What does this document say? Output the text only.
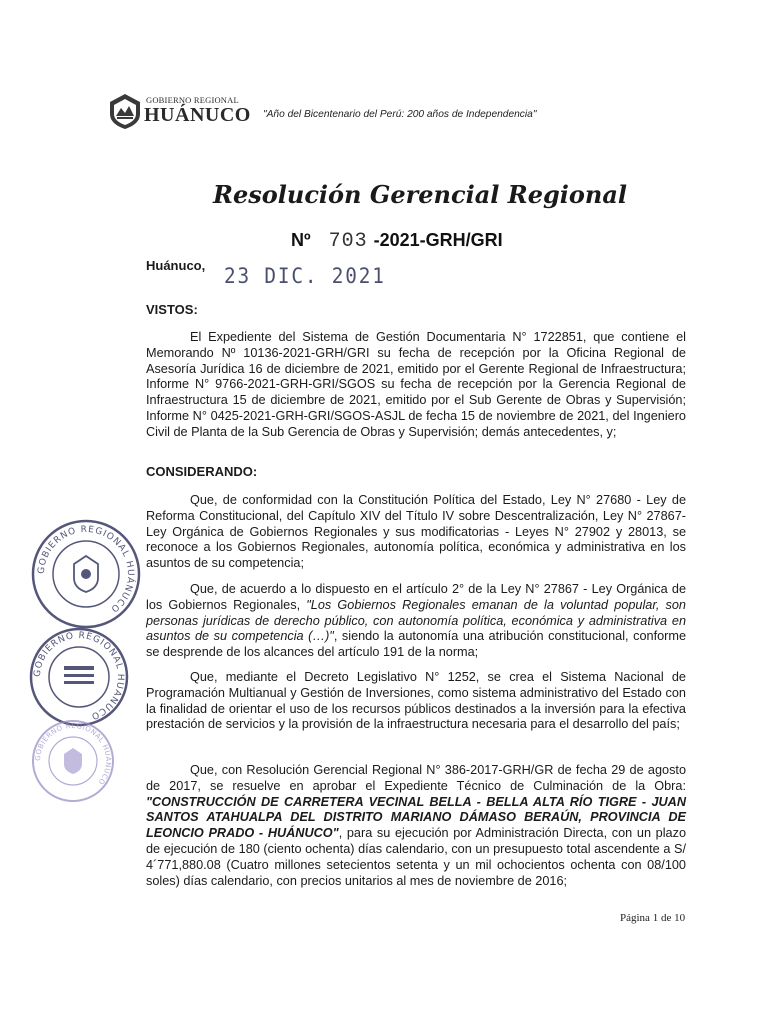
GOBIERNO REGIONAL
HUÁNUCO "Año del Bicentenario del Perú: 200 años de Independencia"
Resolución Gerencial Regional
Nº 703 -2021-GRH/GRI
Huánuco, 23 DIC. 2021
VISTOS:
El Expediente del Sistema de Gestión Documentaria N° 1722851, que contiene el Memorando Nº 10136-2021-GRH/GRI su fecha de recepción por la Oficina Regional de Asesoría Jurídica 16 de diciembre de 2021, emitido por el Gerente Regional de Infraestructura; Informe N° 9766-2021-GRH-GRI/SGOS su fecha de recepción por la Gerencia Regional de Infraestructura 15 de diciembre de 2021, emitido por el Sub Gerente de Obras y Supervisión; Informe N° 0425-2021-GRH-GRI/SGOS-ASJL de fecha 15 de noviembre de 2021, del Ingeniero Civil de Planta de la Sub Gerencia de Obras y Supervisión; demás antecedentes, y;
CONSIDERANDO:
Que, de conformidad con la Constitución Política del Estado, Ley N° 27680 - Ley de Reforma Constitucional, del Capítulo XIV del Título IV sobre Descentralización, Ley N° 27867- Ley Orgánica de Gobiernos Regionales y sus modificatorias - Leyes N° 27902 y 28013, se reconoce a los Gobiernos Regionales, autonomía política, económica y administrativa en los asuntos de su competencia;
Que, de acuerdo a lo dispuesto en el artículo 2° de la Ley N° 27867 - Ley Orgánica de los Gobiernos Regionales, "Los Gobiernos Regionales emanan de la voluntad popular, son personas jurídicas de derecho público, con autonomía política, económica y administrativa en asuntos de su competencia (…)", siendo la autonomía una atribución constitucional, conforme se desprende de los alcances del artículo 191 de la norma;
Que, mediante el Decreto Legislativo N° 1252, se crea el Sistema Nacional de Programación Multianual y Gestión de Inversiones, como sistema administrativo del Estado con la finalidad de orientar el uso de los recursos públicos destinados a la inversión para la efectiva prestación de servicios y la provisión de la infraestructura necesaria para el desarrollo del país;
Que, con Resolución Gerencial Regional N° 386-2017-GRH/GR de fecha 29 de agosto de 2017, se resuelve en aprobar el Expediente Técnico de Culminación de la Obra: "CONSTRUCCIÓN DE CARRETERA VECINAL BELLA - BELLA ALTA RÍO TIGRE - JUAN SANTOS ATAHUALPA DEL DISTRITO MARIANO DÁMASO BERAÚN, PROVINCIA DE LEONCIO PRADO - HUÁNUCO", para su ejecución por Administración Directa, con un plazo de ejecución de 180 (ciento ochenta) días calendario, con un presupuesto total ascendente a S/ 4´771,880.08 (Cuatro millones setecientos setenta y un mil ochocientos ochenta con 08/100 soles) días calendario, con precios unitarios al mes de noviembre de 2016;
GOBIERNO REGIONAL HUÁNUCO
GOBIERNO REGIONAL HUÁNUCO
GOBIERNO REGIONAL HUÁNUCO
Página 1 de 10
